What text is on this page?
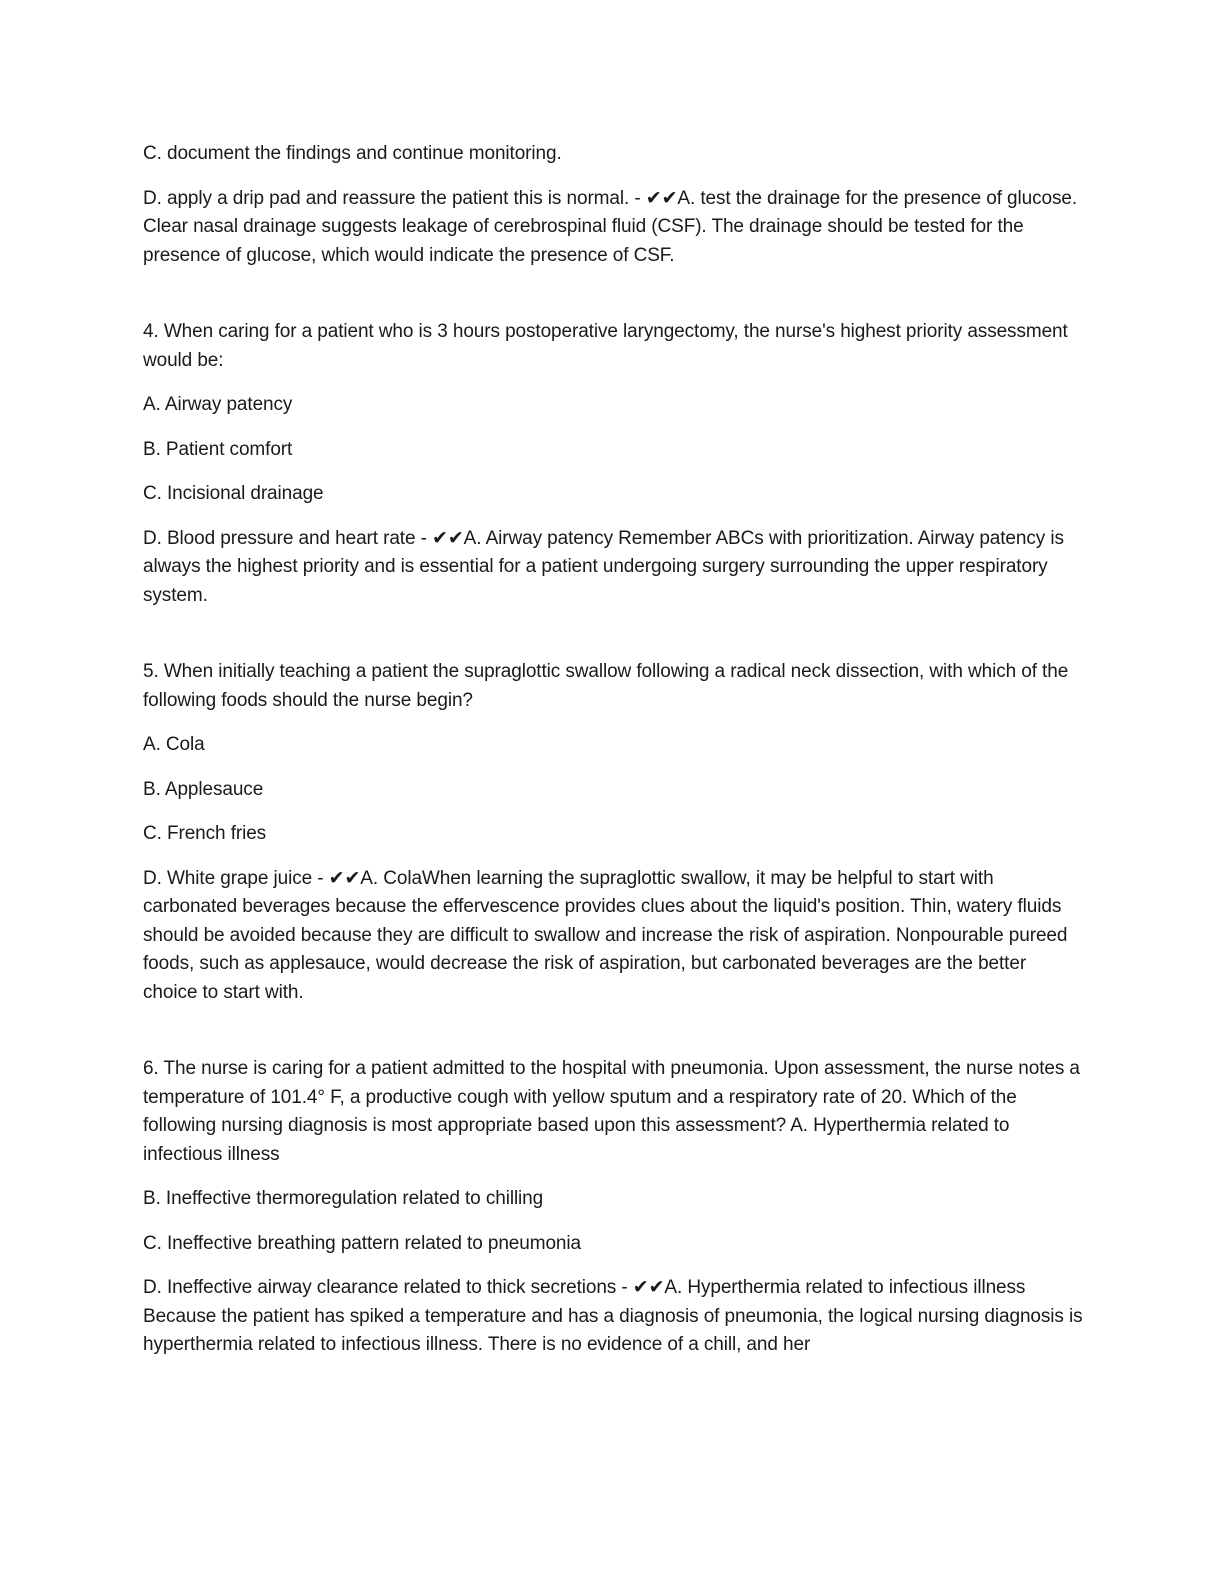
C. document the findings and continue monitoring.

D. apply a drip pad and reassure the patient this is normal. - ✔✔A. test the drainage for the presence of glucose. Clear nasal drainage suggests leakage of cerebrospinal fluid (CSF). The drainage should be tested for the presence of glucose, which would indicate the presence of CSF.

4. When caring for a patient who is 3 hours postoperative laryngectomy, the nurse's highest priority assessment would be:

A. Airway patency

B. Patient comfort

C. Incisional drainage

D. Blood pressure and heart rate - ✔✔A. Airway patency Remember ABCs with prioritization. Airway patency is always the highest priority and is essential for a patient undergoing surgery surrounding the upper respiratory system.

5. When initially teaching a patient the supraglottic swallow following a radical neck dissection, with which of the following foods should the nurse begin?

A. Cola

B. Applesauce

C. French fries

D. White grape juice - ✔✔A. ColaWhen learning the supraglottic swallow, it may be helpful to start with carbonated beverages because the effervescence provides clues about the liquid's position. Thin, watery fluids should be avoided because they are difficult to swallow and increase the risk of aspiration. Nonpourable pureed foods, such as applesauce, would decrease the risk of aspiration, but carbonated beverages are the better choice to start with.

6. The nurse is caring for a patient admitted to the hospital with pneumonia. Upon assessment, the nurse notes a temperature of 101.4° F, a productive cough with yellow sputum and a respiratory rate of 20. Which of the following nursing diagnosis is most appropriate based upon this assessment? A. Hyperthermia related to infectious illness

B. Ineffective thermoregulation related to chilling

C. Ineffective breathing pattern related to pneumonia

D. Ineffective airway clearance related to thick secretions - ✔✔A. Hyperthermia related to infectious illness Because the patient has spiked a temperature and has a diagnosis of pneumonia, the logical nursing diagnosis is hyperthermia related to infectious illness. There is no evidence of a chill, and her
